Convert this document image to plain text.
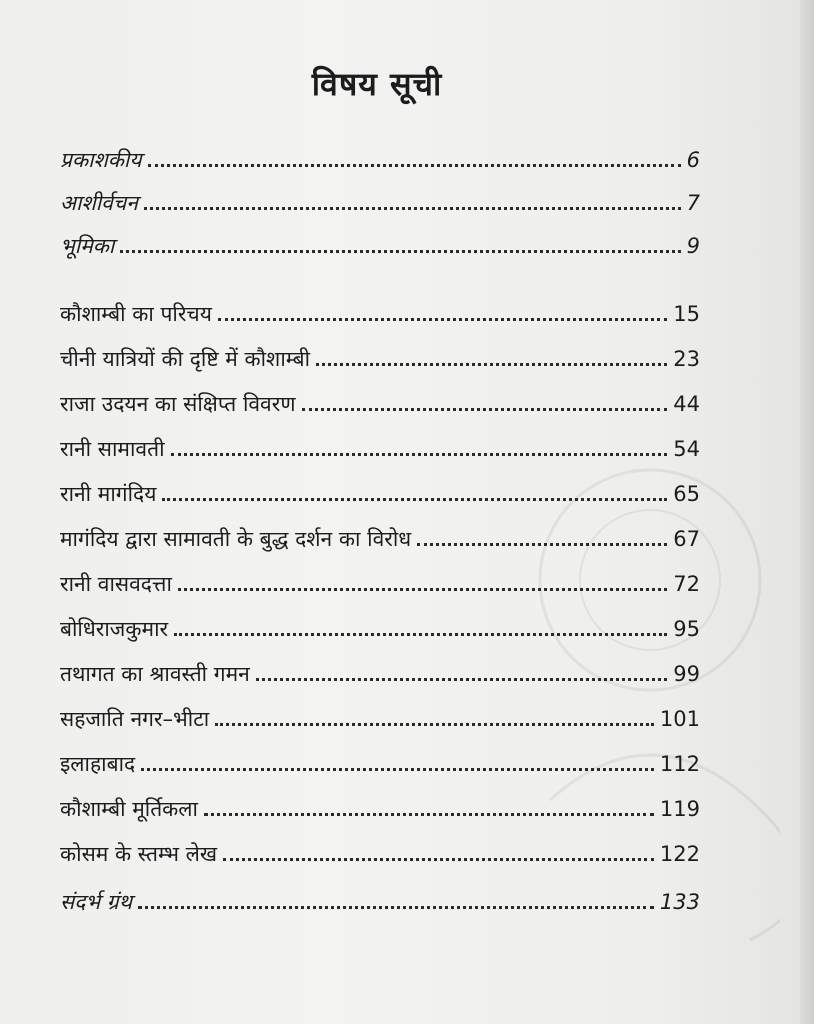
विषय सूची
प्रकाशकीय	6
आशीर्वचन	7
भूमिका	9
कौशाम्बी का परिचय	15
चीनी यात्रियों की दृष्टि में कौशाम्बी	23
राजा उदयन का संक्षिप्त विवरण	44
रानी सामावती	54
रानी मागंदिय	65
मागंदिय द्वारा सामावती के बुद्ध दर्शन का विरोध	67
रानी वासवदत्ता	72
बोधिराजकुमार	95
तथागत का श्रावस्ती गमन	99
सहजाति नगर–भीटा	101
इलाहाबाद	112
कौशाम्बी मूर्तिकला	119
कोसम के स्तम्भ लेख	122
संदर्भ ग्रंथ	133
